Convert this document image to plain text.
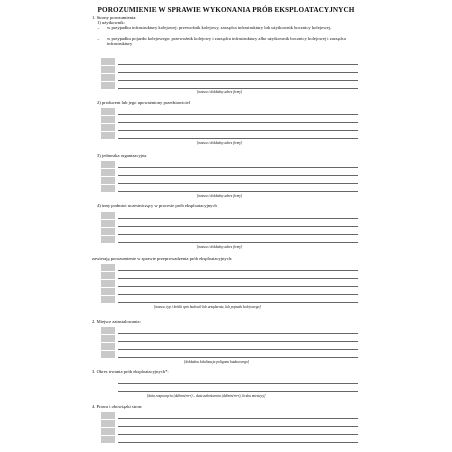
POROZUMIENIE W SPRAWIE WYKONANIA PRÓB EKSPLOATACYJNYCH
1. Strony porozumienia:
1) użytkownik:
– w przypadku infrastruktury kolejowej: przewoźnik kolejowy, zarządca infrastruktury lub użytkownik bocznicy kolejowej,
– w przypadku pojazdu kolejowego: przewoźnik kolejowy i zarządca infrastruktury albo użytkownik bocznicy kolejowej i zarządca infrastruktury
[nazwa i dokładny adres firmy]
2) producent lub jego upoważniony przedstawiciel
[nazwa i dokładny adres firmy]
3) jednostka organizacyjna
[nazwa i dokładny adres firmy]
4) inny podmiot uczestniczący w procesie prób eksploatacyjnych
[nazwa i dokładny adres firmy]
zawierają porozumienie w sprawie przeprowadzenia prób eksploatacyjnych:
[nazwa, typ i krótki opis budowli lub urządzenia, lub pojazdu kolejowego]
2. Miejsce zainstalowania:
[dokładna lokalizacja poligonu badawczego]
3. Okres trwania prób eksploatacyjnych*:
[data rozpoczęcia (dd/mm/rrrr) – data zakończenia (dd/mm/rrrr), liczba miesięcy]
4. Prawa i obowiązki stron:
